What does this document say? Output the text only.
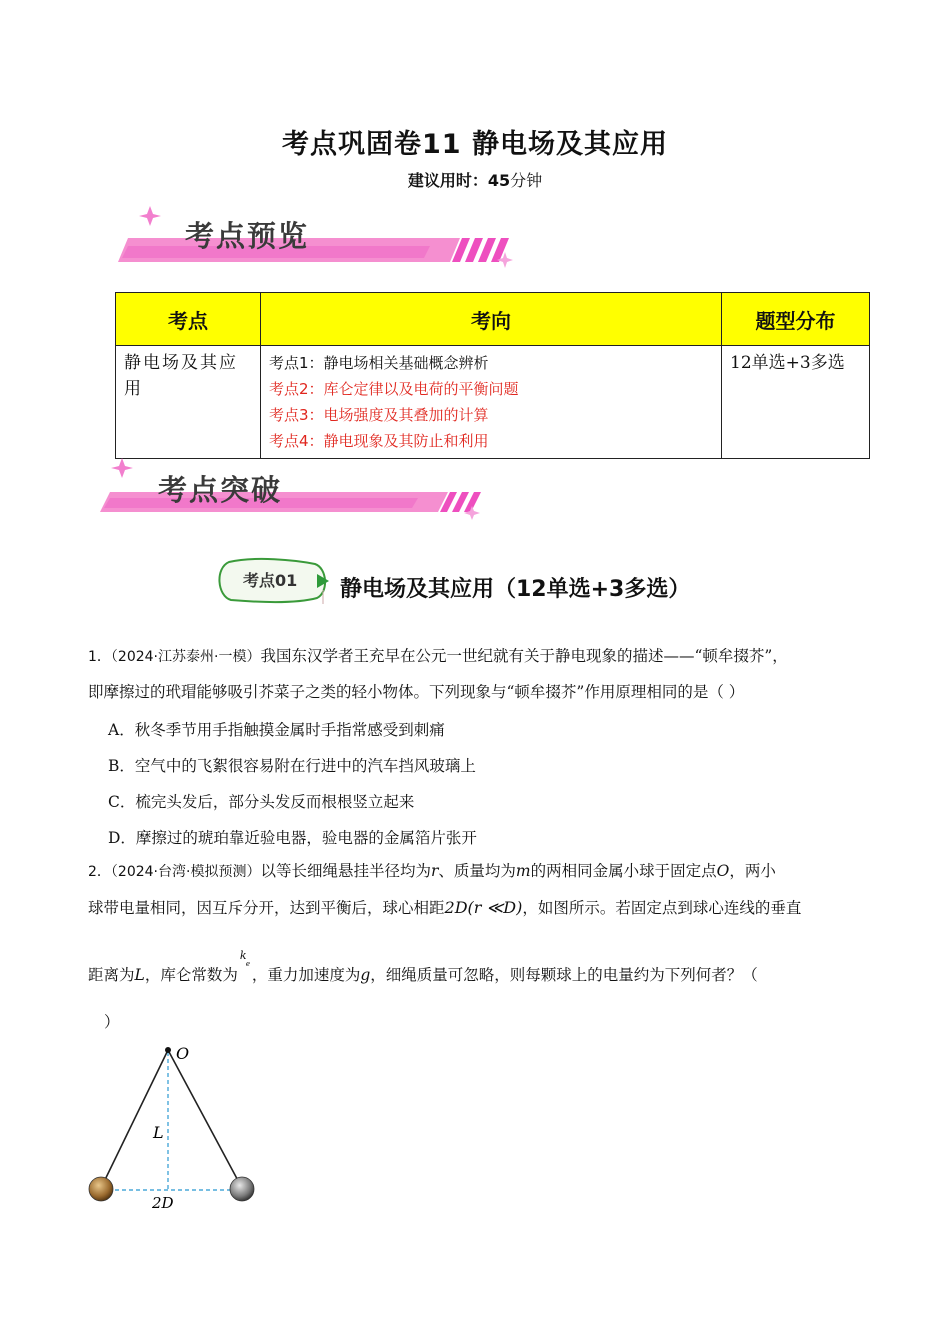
考点巩固卷11 静电场及其应用
建议用时：45分钟
考点预览
考点	考向	题型分布
静电场及其应用	考点1：静电场相关基础概念辨析
考点2：库仑定律以及电荷的平衡问题
考点3：电场强度及其叠加的计算
考点4：静电现象及其防止和利用	12单选+3多选
考点突破
考点01 静电场及其应用（12单选+3多选）
1．（2024·江苏泰州·一模）我国东汉学者王充早在公元一世纪就有关于静电现象的描述——“顿牟掇芥”，
即摩擦过的玳瑁能够吸引芥菜子之类的轻小物体。下列现象与“顿牟掇芥”作用原理相同的是（ ）
A．秋冬季节用手指触摸金属时手指常感受到刺痛
B．空气中的飞絮很容易附在行进中的汽车挡风玻璃上
C．梳完头发后，部分头发反而根根竖立起来
D．摩擦过的琥珀靠近验电器，验电器的金属箔片张开
2．（2024·台湾·模拟预测）以等长细绳悬挂半径均为r、质量均为m的两相同金属小球于固定点O，两小
球带电量相同，因互斥分开，达到平衡后，球心相距2D(r ≪D)，如图所示。若固定点到球心连线的垂直
距离为L，库仑常数为
k
e
，重力加速度为g，细绳质量可忽略，则每颗球上的电量约为下列何者？（
）
O
L
2D
